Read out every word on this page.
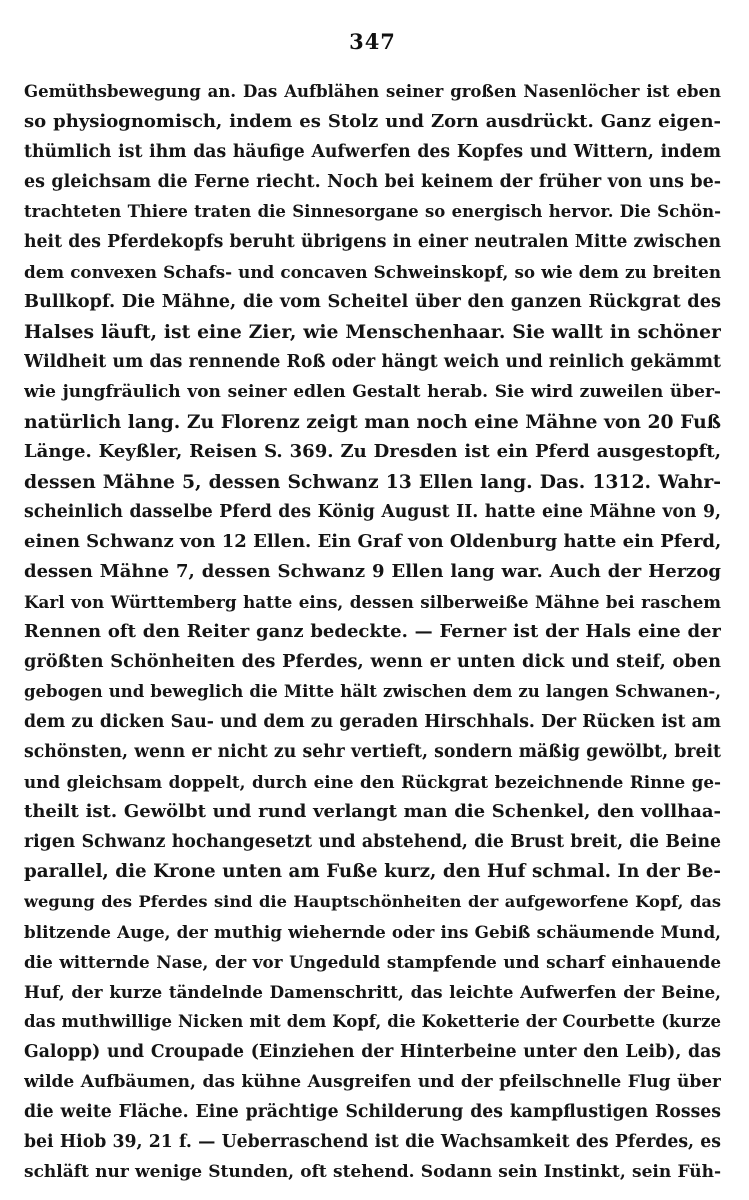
347
Gemüthsbewegung an. Das Aufblähen seiner großen Nasenlöcher ist eben
so physiognomisch, indem es Stolz und Zorn ausdrückt. Ganz eigen-
thümlich ist ihm das häufige Aufwerfen des Kopfes und Wittern, indem
es gleichsam die Ferne riecht. Noch bei keinem der früher von uns be-
trachteten Thiere traten die Sinnesorgane so energisch hervor. Die Schön-
heit des Pferdekopfs beruht übrigens in einer neutralen Mitte zwischen
dem convexen Schafs- und concaven Schweinskopf, so wie dem zu breiten
Bullkopf. Die Mähne, die vom Scheitel über den ganzen Rückgrat des
Halses läuft, ist eine Zier, wie Menschenhaar. Sie wallt in schöner
Wildheit um das rennende Roß oder hängt weich und reinlich gekämmt
wie jungfräulich von seiner edlen Gestalt herab. Sie wird zuweilen über-
natürlich lang. Zu Florenz zeigt man noch eine Mähne von 20 Fuß
Länge. Keyßler, Reisen S. 369. Zu Dresden ist ein Pferd ausgestopft,
dessen Mähne 5, dessen Schwanz 13 Ellen lang. Das. 1312. Wahr-
scheinlich dasselbe Pferd des König August II. hatte eine Mähne von 9,
einen Schwanz von 12 Ellen. Ein Graf von Oldenburg hatte ein Pferd,
dessen Mähne 7, dessen Schwanz 9 Ellen lang war. Auch der Herzog
Karl von Württemberg hatte eins, dessen silberweiße Mähne bei raschem
Rennen oft den Reiter ganz bedeckte. — Ferner ist der Hals eine der
größten Schönheiten des Pferdes, wenn er unten dick und steif, oben
gebogen und beweglich die Mitte hält zwischen dem zu langen Schwanen-,
dem zu dicken Sau- und dem zu geraden Hirschhals. Der Rücken ist am
schönsten, wenn er nicht zu sehr vertieft, sondern mäßig gewölbt, breit
und gleichsam doppelt, durch eine den Rückgrat bezeichnende Rinne ge-
theilt ist. Gewölbt und rund verlangt man die Schenkel, den vollhaa-
rigen Schwanz hochangesetzt und abstehend, die Brust breit, die Beine
parallel, die Krone unten am Fuße kurz, den Huf schmal. In der Be-
wegung des Pferdes sind die Hauptschönheiten der aufgeworfene Kopf, das
blitzende Auge, der muthig wiehernde oder ins Gebiß schäumende Mund,
die witternde Nase, der vor Ungeduld stampfende und scharf einhauende
Huf, der kurze tändelnde Damenschritt, das leichte Aufwerfen der Beine,
das muthwillige Nicken mit dem Kopf, die Koketterie der Courbette (kurze
Galopp) und Croupade (Einziehen der Hinterbeine unter den Leib), das
wilde Aufbäumen, das kühne Ausgreifen und der pfeilschnelle Flug über
die weite Fläche. Eine prächtige Schilderung des kampflustigen Rosses
bei Hiob 39, 21 f. — Ueberraschend ist die Wachsamkeit des Pferdes, es
schläft nur wenige Stunden, oft stehend. Sodann sein Instinkt, sein Füh-
